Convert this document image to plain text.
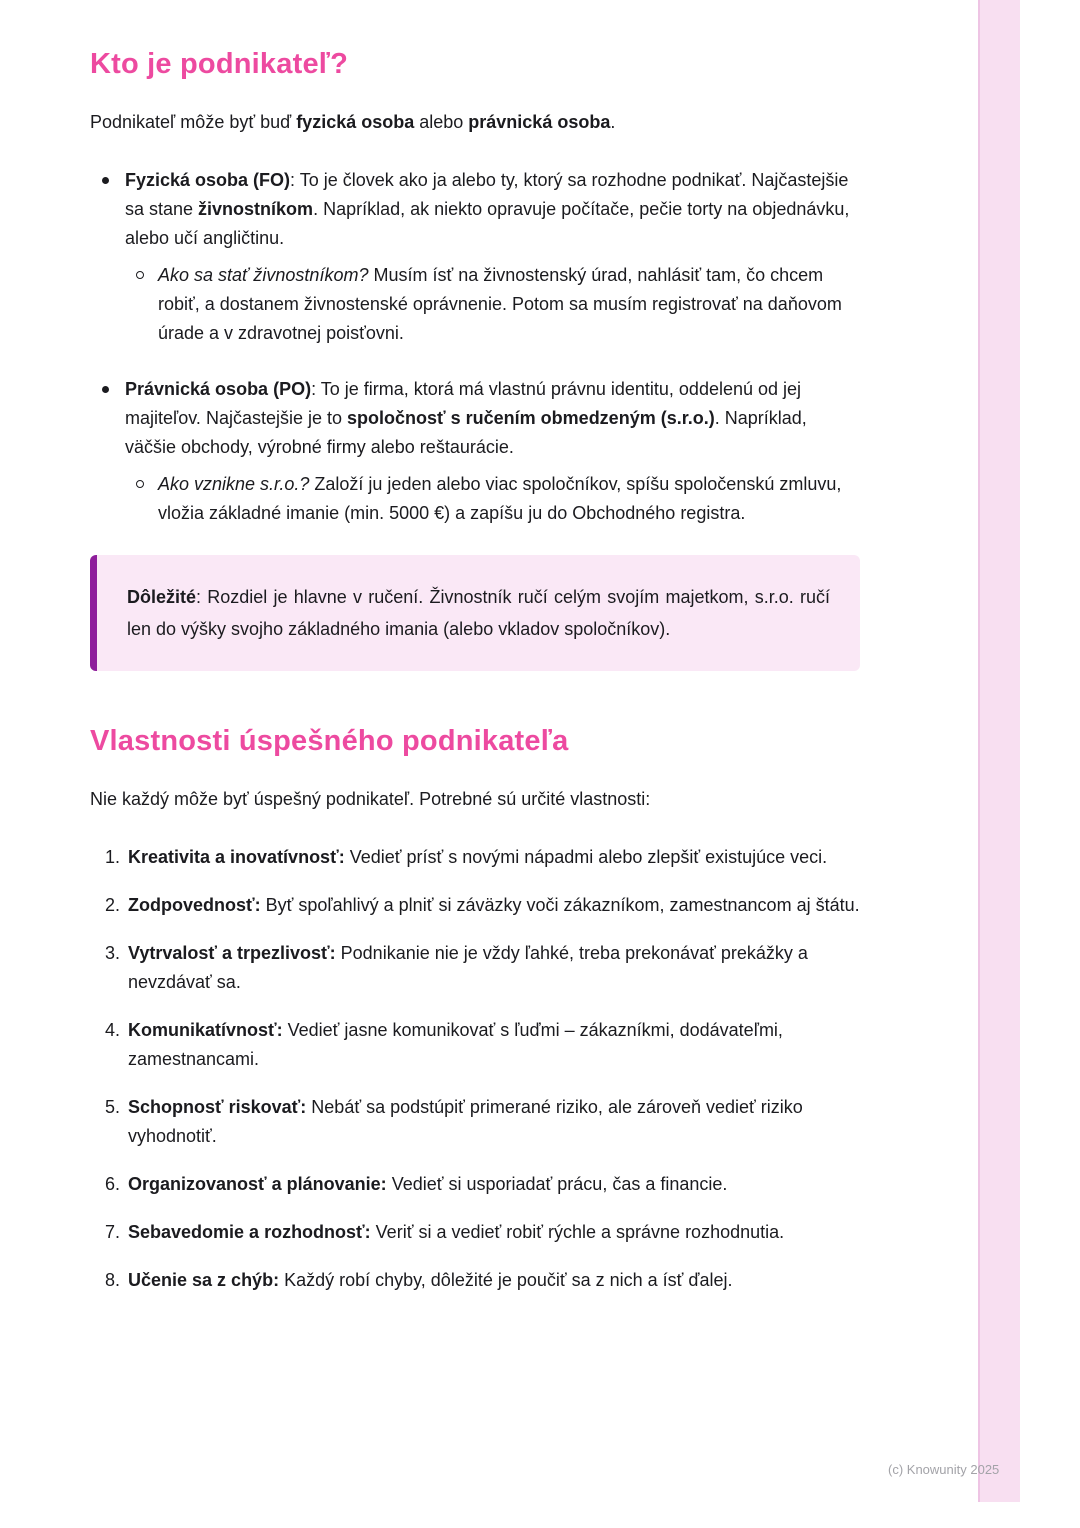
Kto je podnikateľ?

Podnikateľ môže byť buď fyzická osoba alebo právnická osoba.

Fyzická osoba (FO): To je človek ako ja alebo ty, ktorý sa rozhodne podnikať. Najčastejšie sa stane živnostníkom. Napríklad, ak niekto opravuje počítače, pečie torty na objednávku, alebo učí angličtinu.
Ako sa stať živnostníkom? Musím ísť na živnostenský úrad, nahlásiť tam, čo chcem robiť, a dostanem živnostenské oprávnenie. Potom sa musím registrovať na daňovom úrade a v zdravotnej poisťovni.
Právnická osoba (PO): To je firma, ktorá má vlastnú právnu identitu, oddelenú od jej majiteľov. Najčastejšie je to spoločnosť s ručením obmedzeným (s.r.o.). Napríklad, väčšie obchody, výrobné firmy alebo reštaurácie.
Ako vznikne s.r.o.? Založí ju jeden alebo viac spoločníkov, spíšu spoločenskú zmluvu, vložia základné imanie (min. 5000 €) a zapíšu ju do Obchodného registra.

Dôležité: Rozdiel je hlavne v ručení. Živnostník ručí celým svojím majetkom, s.r.o. ručí len do výšky svojho základného imania (alebo vkladov spoločníkov).

Vlastnosti úspešného podnikateľa

Nie každý môže byť úspešný podnikateľ. Potrebné sú určité vlastnosti:

1. Kreativita a inovatívnosť: Vedieť prísť s novými nápadmi alebo zlepšiť existujúce veci.
2. Zodpovednosť: Byť spoľahlivý a plniť si záväzky voči zákazníkom, zamestnancom aj štátu.
3. Vytrvalosť a trpezlivosť: Podnikanie nie je vždy ľahké, treba prekonávať prekážky a nevzdávať sa.
4. Komunikatívnosť: Vedieť jasne komunikovať s ľuďmi – zákazníkmi, dodávateľmi, zamestnancami.
5. Schopnosť riskovať: Nebáť sa podstúpiť primerané riziko, ale zároveň vedieť riziko vyhodnotiť.
6. Organizovanosť a plánovanie: Vedieť si usporiadať prácu, čas a financie.
7. Sebavedomie a rozhodnosť: Veriť si a vedieť robiť rýchle a správne rozhodnutia.
8. Učenie sa z chýb: Každý robí chyby, dôležité je poučiť sa z nich a ísť ďalej.
(c) Knowunity 2025
